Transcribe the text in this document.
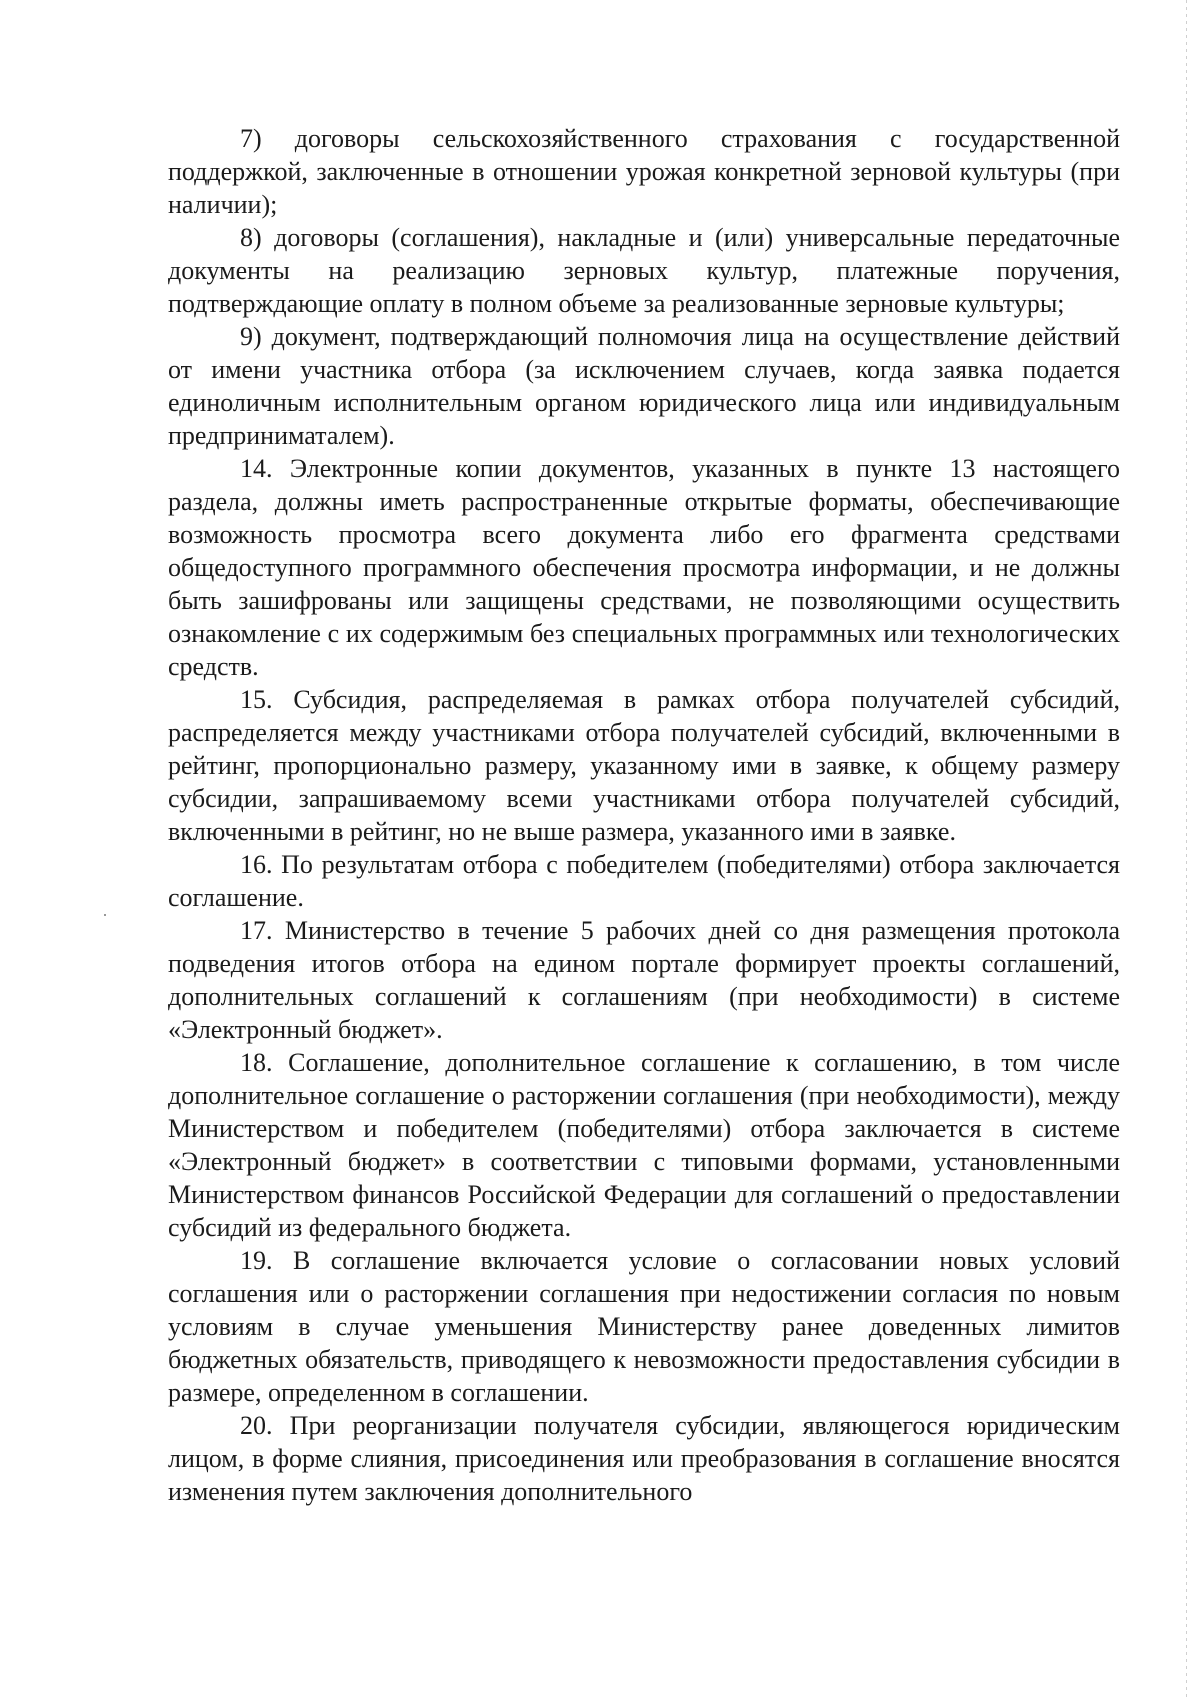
7) договоры сельскохозяйственного страхования с государственной поддержкой, заключенные в отношении урожая конкретной зерновой культуры (при наличии);

8) договоры (соглашения), накладные и (или) универсальные передаточные документы на реализацию зерновых культур, платежные поручения, подтверждающие оплату в полном объеме за реализованные зерновые культуры;

9) документ, подтверждающий полномочия лица на осуществление действий от имени участника отбора (за исключением случаев, когда заявка подается единоличным исполнительным органом юридического лица или индивидуальным предприниматалем).

14. Электронные копии документов, указанных в пункте 13 настоящего раздела, должны иметь распространенные открытые форматы, обеспечивающие возможность просмотра всего документа либо его фрагмента средствами общедоступного программного обеспечения просмотра информации, и не должны быть зашифрованы или защищены средствами, не позволяющими осуществить ознакомление с их содержимым без специальных программных или технологических средств.

15. Субсидия, распределяемая в рамках отбора получателей субсидий, распределяется между участниками отбора получателей субсидий, включенными в рейтинг, пропорционально размеру, указанному ими в заявке, к общему размеру субсидии, запрашиваемому всеми участниками отбора получателей субсидий, включенными в рейтинг, но не выше размера, указанного ими в заявке.

16. По результатам отбора с победителем (победителями) отбора заключается соглашение.

17. Министерство в течение 5 рабочих дней со дня размещения протокола подведения итогов отбора на едином портале формирует проекты соглашений, дополнительных соглашений к соглашениям (при необходимости) в системе «Электронный бюджет».

18. Соглашение, дополнительное соглашение к соглашению, в том числе дополнительное соглашение о расторжении соглашения (при необходимости), между Министерством и победителем (победителями) отбора заключается в системе «Электронный бюджет» в соответствии с типовыми формами, установленными Министерством финансов Российской Федерации для соглашений о предоставлении субсидий из федерального бюджета.

19. В соглашение включается условие о согласовании новых условий соглашения или о расторжении соглашения при недостижении согласия по новым условиям в случае уменьшения Министерству ранее доведенных лимитов бюджетных обязательств, приводящего к невозможности предоставления субсидии в размере, определенном в соглашении.

20. При реорганизации получателя субсидии, являющегося юридическим лицом, в форме слияния, присоединения или преобразования в соглашение вносятся изменения путем заключения дополнительного
